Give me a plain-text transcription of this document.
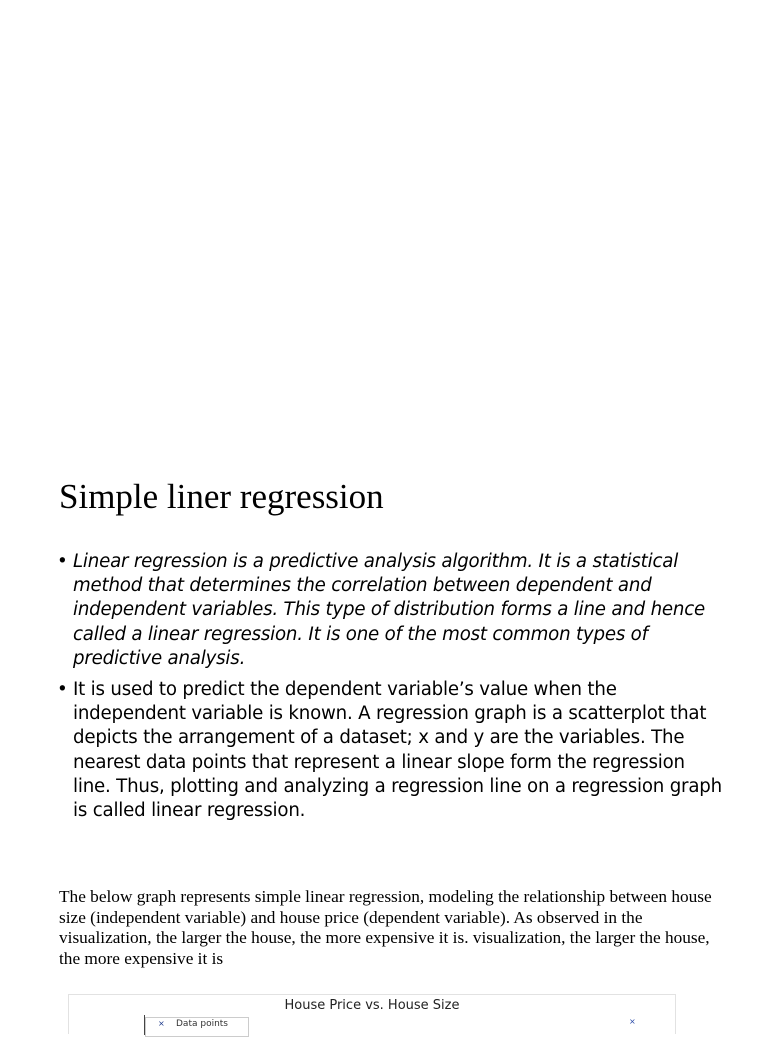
Simple liner regression
• Linear regression is a predictive analysis algorithm. It is a statistical method that determines the correlation between dependent and independent variables. This type of distribution forms a line and hence called a linear regression. It is one of the most common types of predictive analysis.
• It is used to predict the dependent variable’s value when the independent variable is known. A regression graph is a scatterplot that depicts the arrangement of a dataset; x and y are the variables. The nearest data points that represent a linear slope form the regression line. Thus, plotting and analyzing a regression line on a regression graph is called linear regression.

The below graph represents simple linear regression, modeling the relationship between house size (independent variable) and house price (dependent variable). As observed in the visualization, the larger the house, the more expensive it is. visualization, the larger the house, the more expensive it is

House Price vs. House Size
× Data points	×
